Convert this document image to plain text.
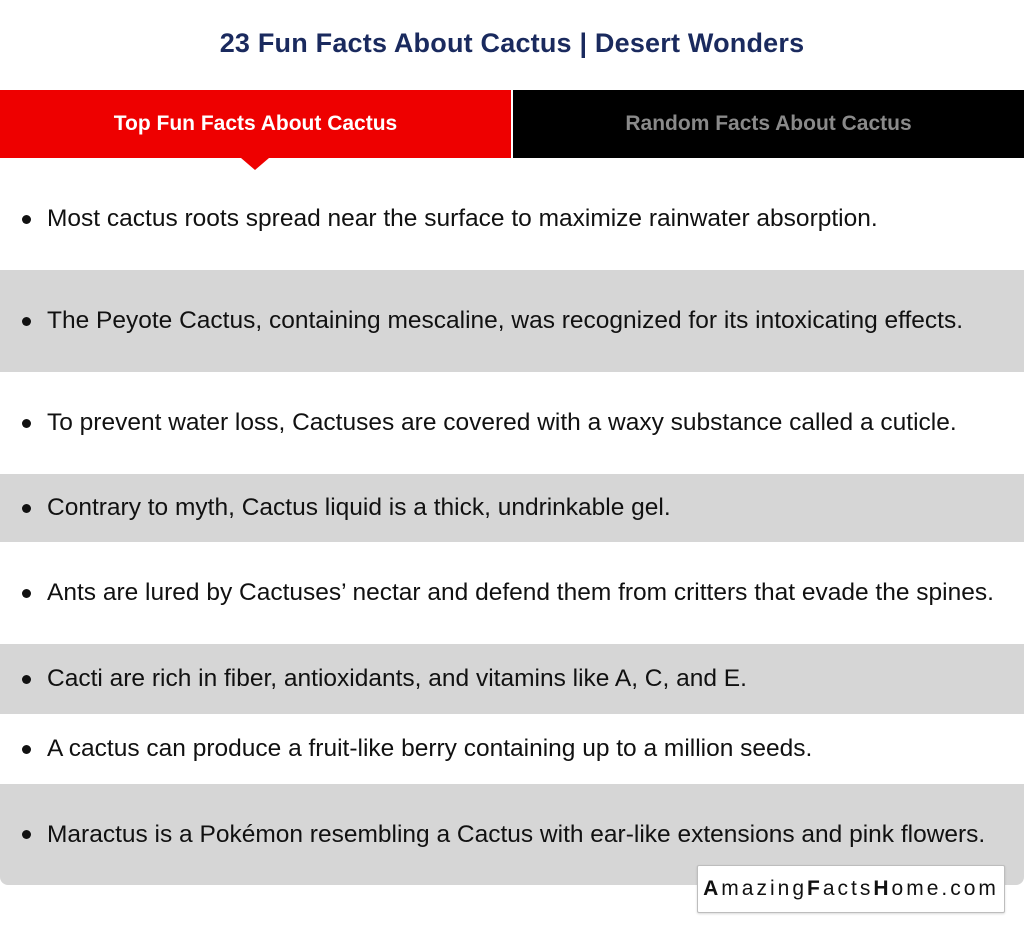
23 Fun Facts About Cactus | Desert Wonders
Top Fun Facts About Cactus	Random Facts About Cactus
Most cactus roots spread near the surface to maximize rainwater absorption.
The Peyote Cactus, containing mescaline, was recognized for its intoxicating effects.
To prevent water loss, Cactuses are covered with a waxy substance called a cuticle.
Contrary to myth, Cactus liquid is a thick, undrinkable gel.
Ants are lured by Cactuses’ nectar and defend them from critters that evade the spines.
Cacti are rich in fiber, antioxidants, and vitamins like A, C, and E.
A cactus can produce a fruit-like berry containing up to a million seeds.
Maractus is a Pokémon resembling a Cactus with ear-like extensions and pink flowers.
A mazing F acts H ome.com
